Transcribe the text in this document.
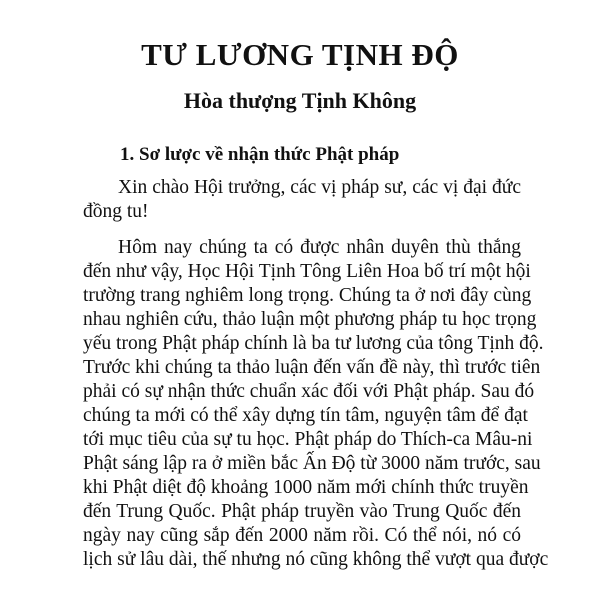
TƯ LƯƠNG TỊNH ĐỘ
Hòa thượng Tịnh Không
1. Sơ lược về nhận thức Phật pháp
Xin chào Hội trưởng, các vị pháp sư, các vị đại đức
đồng tu!
Hôm nay chúng ta có được nhân duyên thù thắng
đến như vậy, Học Hội Tịnh Tông Liên Hoa bố trí một hội
trường trang nghiêm long trọng. Chúng ta ở nơi đây cùng
nhau nghiên cứu, thảo luận một phương pháp tu học trọng
yếu trong Phật pháp chính là ba tư lương của tông Tịnh độ.
Trước khi chúng ta thảo luận đến vấn đề này, thì trước tiên
phải có sự nhận thức chuẩn xác đối với Phật pháp. Sau đó
chúng ta mới có thể xây dựng tín tâm, nguyện tâm để đạt
tới mục tiêu của sự tu học. Phật pháp do Thích-ca Mâu-ni
Phật sáng lập ra ở miền bắc Ấn Độ từ 3000 năm trước, sau
khi Phật diệt độ khoảng 1000 năm mới chính thức truyền
đến Trung Quốc. Phật pháp truyền vào Trung Quốc đến
ngày nay cũng sắp đến 2000 năm rồi. Có thể nói, nó có
lịch sử lâu dài, thế nhưng nó cũng không thể vượt qua được
